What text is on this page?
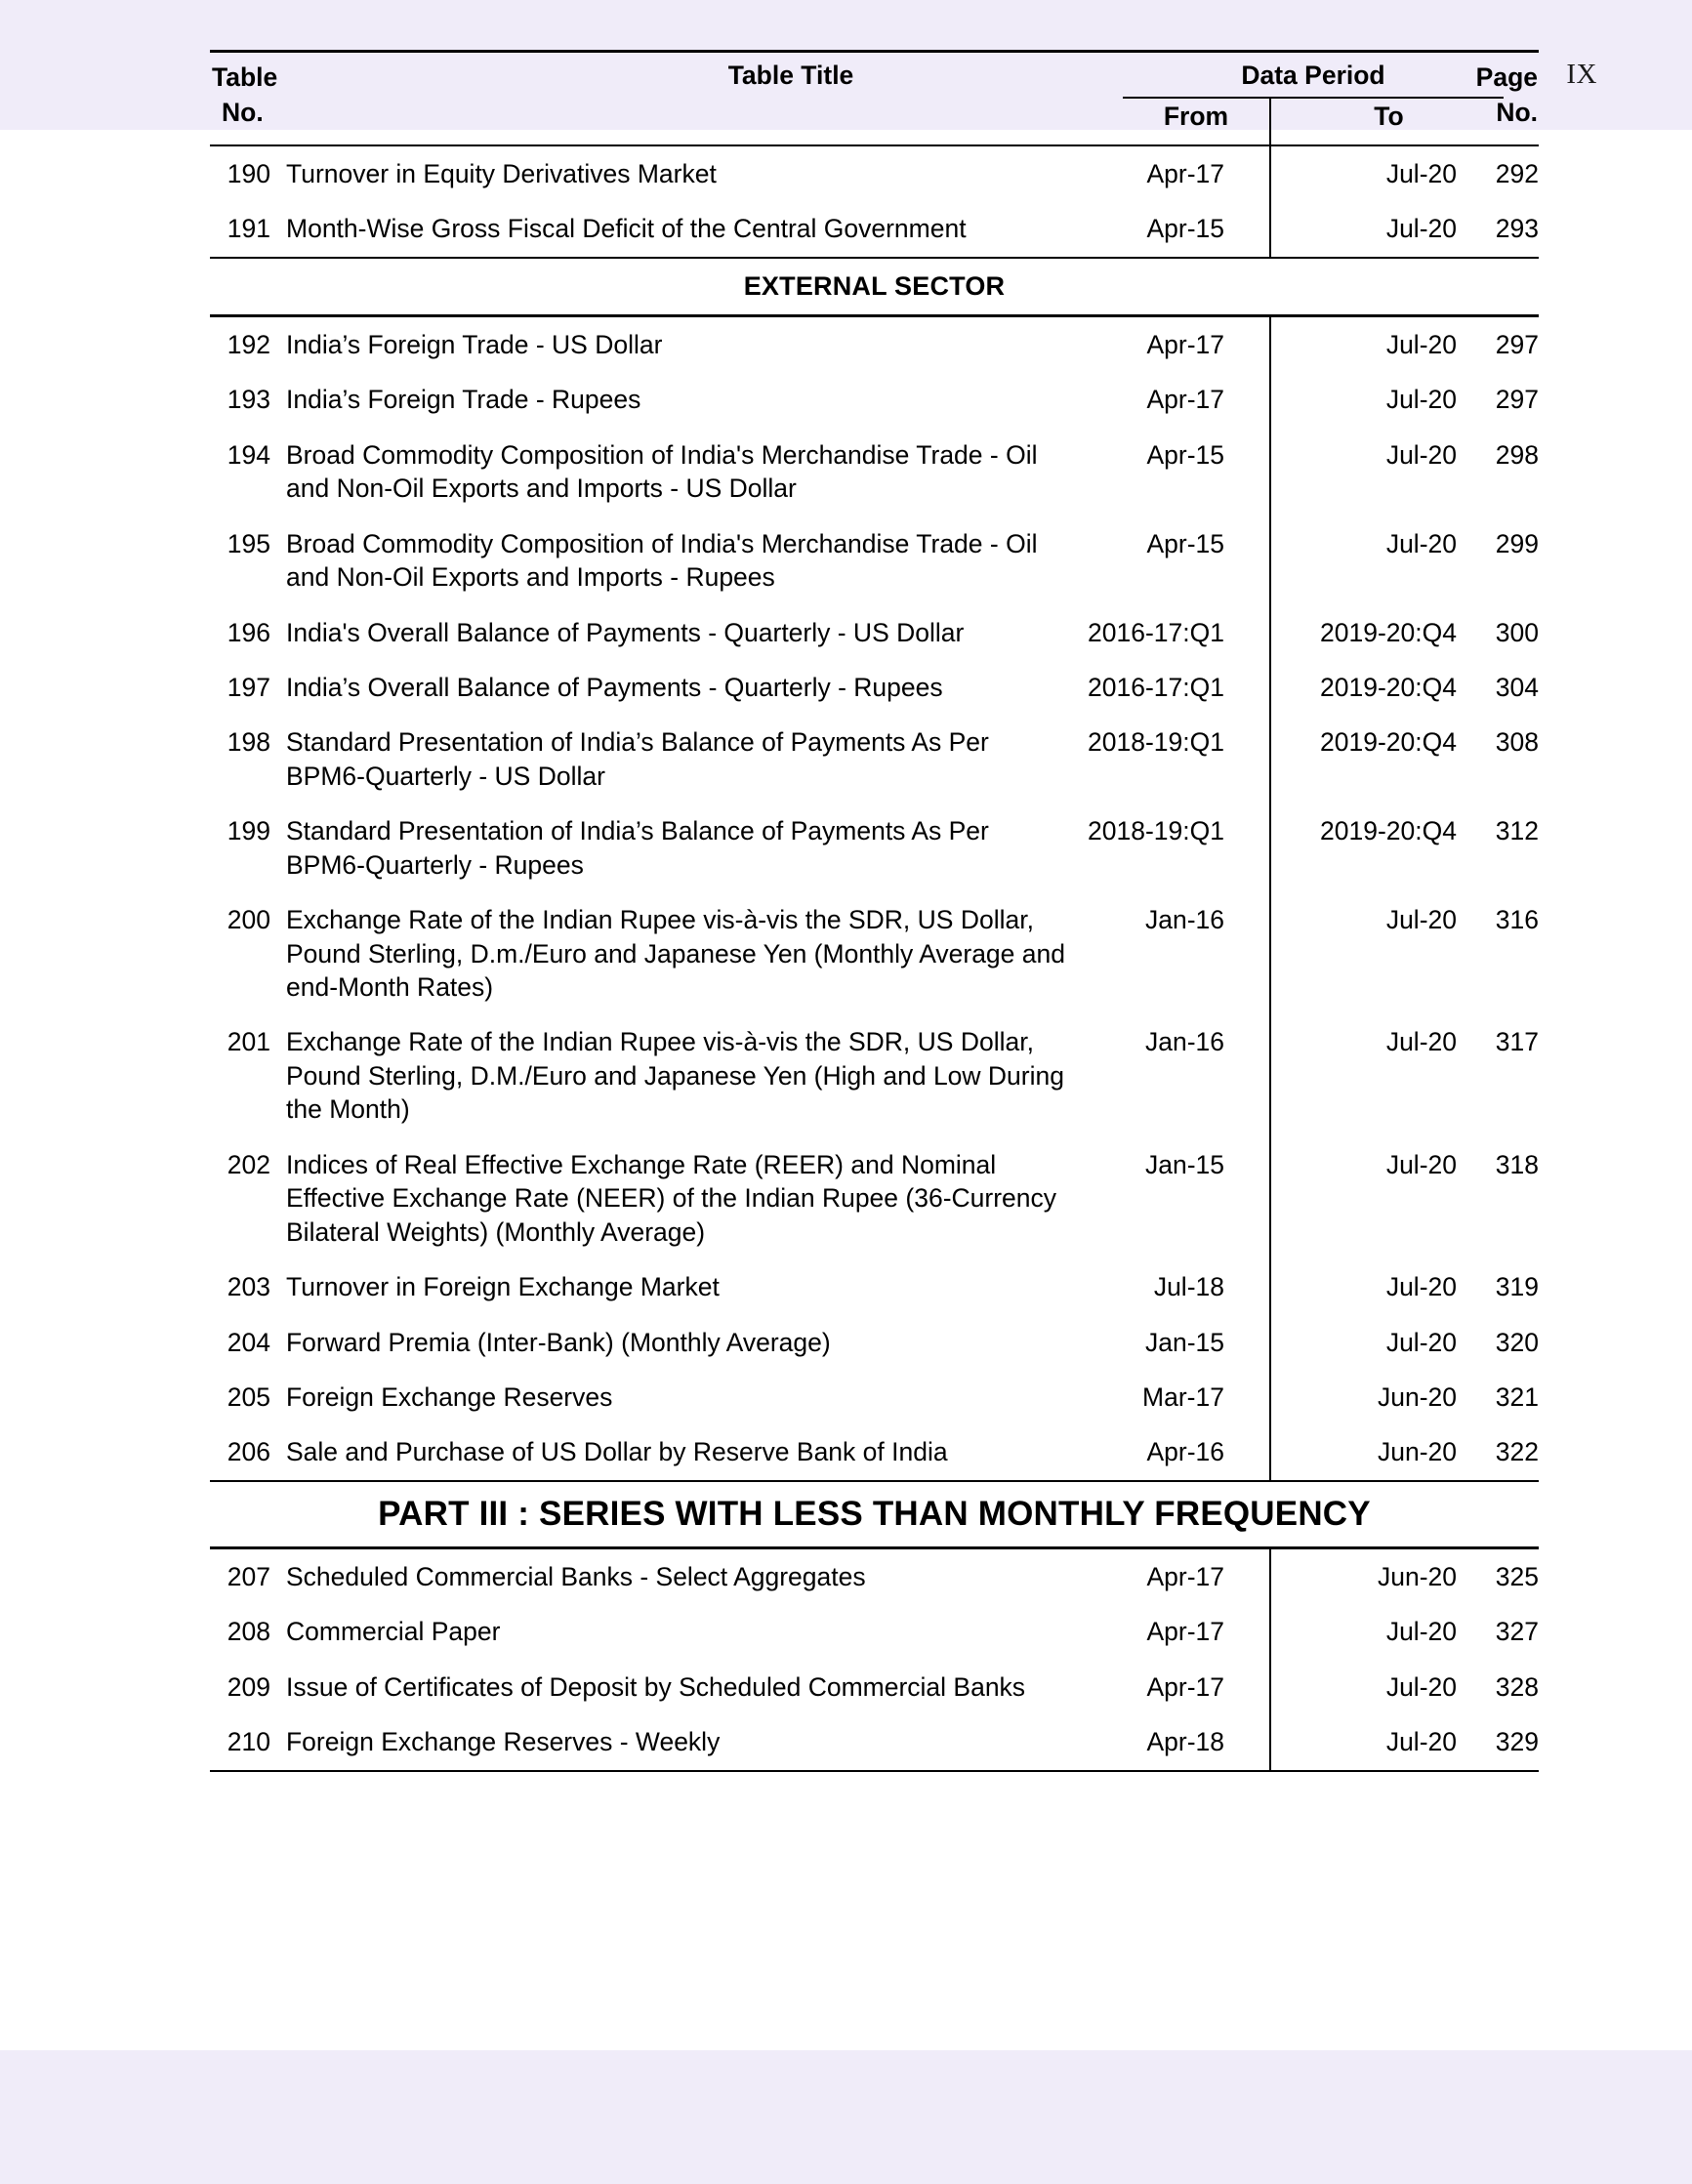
IX
Table
No.
Table Title	Data Period
From	To
Page
No.
190 Turnover in Equity Derivatives Market	Apr-17	Jul-20	292
191 Month-Wise Gross Fiscal Deficit of the Central Government	Apr-15	Jul-20	293
EXTERNAL SECTOR
192 India’s Foreign Trade - US Dollar	Apr-17	Jul-20	297
193 India’s Foreign Trade - Rupees	Apr-17	Jul-20	297
194 Broad Commodity Composition of India's Merchandise Trade - Oil and Non-Oil Exports and Imports - US Dollar
Apr-15	Jul-20	298
195 Broad Commodity Composition of India's Merchandise Trade - Oil and Non-Oil Exports and Imports - Rupees
Apr-15	Jul-20	299
196 India's Overall Balance of Payments - Quarterly - US Dollar	2016-17:Q1	2019-20:Q4	300
197 India’s Overall Balance of Payments - Quarterly - Rupees	2016-17:Q1	2019-20:Q4	304
198 Standard Presentation of India’s Balance of Payments As Per BPM6-Quarterly - US Dollar
2018-19:Q1	2019-20:Q4	308
199 Standard Presentation of India’s Balance of Payments As Per BPM6-Quarterly - Rupees
2018-19:Q1	2019-20:Q4	312
200 Exchange Rate of the Indian Rupee vis-à-vis the SDR, US Dollar, Pound Sterling, D.m./Euro and Japanese Yen (Monthly Average and end-Month Rates)
Jan-16	Jul-20	316
201 Exchange Rate of the Indian Rupee vis-à-vis the SDR, US Dollar, Pound Sterling, D.M./Euro and Japanese Yen (High and Low During the Month)
Jan-16	Jul-20	317
202 Indices of Real Effective Exchange Rate (REER) and Nominal Effective Exchange Rate (NEER) of the Indian Rupee (36-Currency Bilateral Weights) (Monthly Average)
Jan-15	Jul-20	318
203 Turnover in Foreign Exchange Market	Jul-18	Jul-20	319
204 Forward Premia (Inter-Bank) (Monthly Average)	Jan-15	Jul-20	320
205 Foreign Exchange Reserves	Mar-17	Jun-20	321
206 Sale and Purchase of US Dollar by Reserve Bank of India	Apr-16	Jun-20	322
PART III : SERIES WITH LESS THAN MONTHLY FREQUENCY
207 Scheduled Commercial Banks - Select Aggregates	Apr-17	Jun-20	325
208 Commercial Paper	Apr-17	Jul-20	327
209 Issue of Certificates of Deposit by Scheduled Commercial Banks	Apr-17	Jul-20	328
210 Foreign Exchange Reserves - Weekly	Apr-18	Jul-20	329
